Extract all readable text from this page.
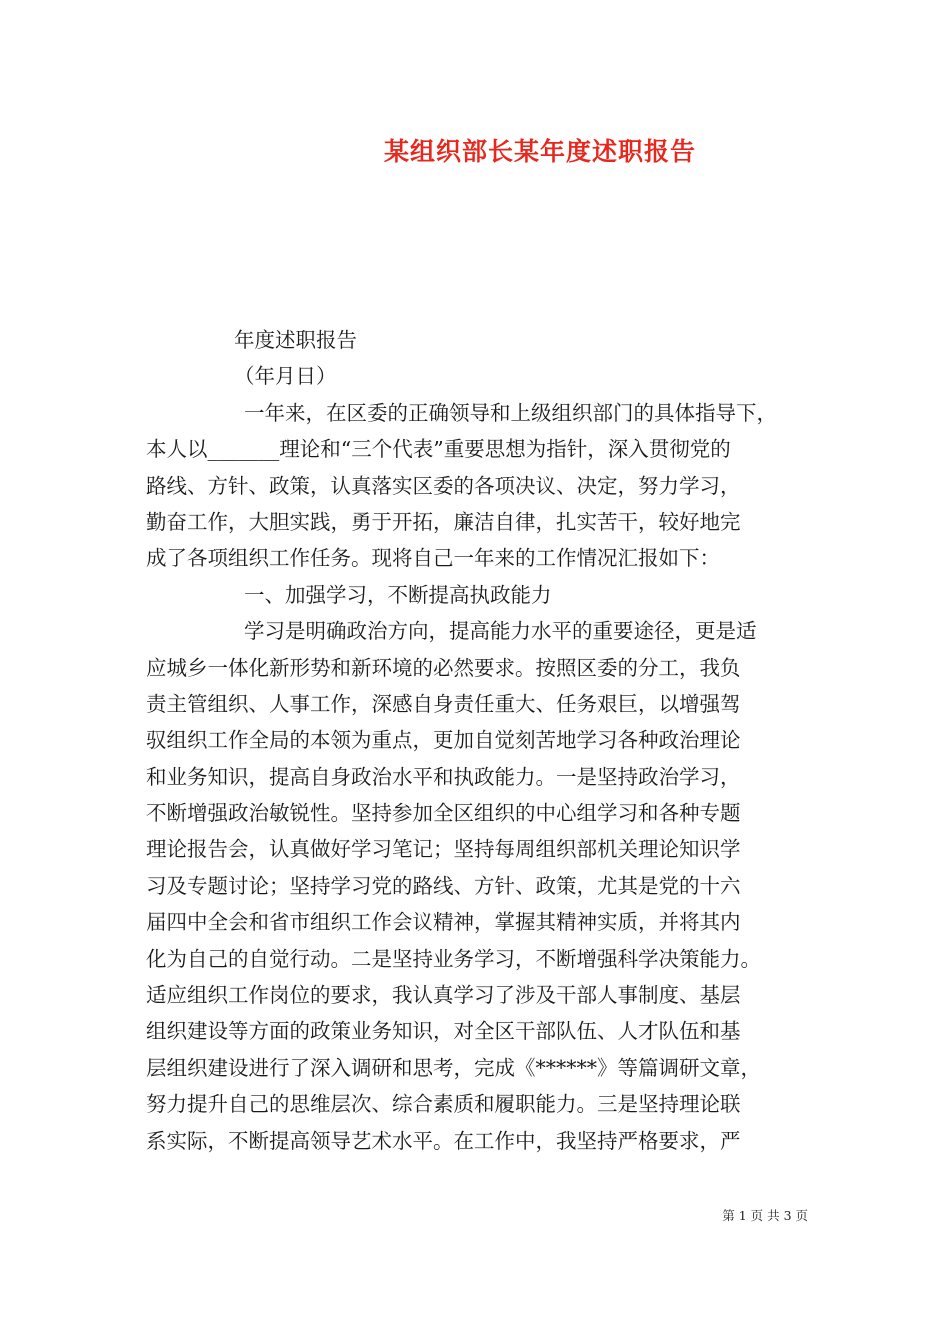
某组织部长某年度述职报告
年度述职报告
（年月日）
一年来，在区委的正确领导和上级组织部门的具体指导下，
本人以_______理论和“三个代表”重要思想为指针，深入贯彻党的
路线、方针、政策，认真落实区委的各项决议、决定，努力学习，
勤奋工作，大胆实践，勇于开拓，廉洁自律，扎实苦干，较好地完
成了各项组织工作任务。现将自己一年来的工作情况汇报如下：
一、加强学习，不断提高执政能力
学习是明确政治方向，提高能力水平的重要途径，更是适
应城乡一体化新形势和新环境的必然要求。按照区委的分工，我负
责主管组织、人事工作，深感自身责任重大、任务艰巨，以增强驾
驭组织工作全局的本领为重点，更加自觉刻苦地学习各种政治理论
和业务知识，提高自身政治水平和执政能力。一是坚持政治学习，
不断增强政治敏锐性。坚持参加全区组织的中心组学习和各种专题
理论报告会，认真做好学习笔记；坚持每周组织部机关理论知识学
习及专题讨论；坚持学习党的路线、方针、政策，尤其是党的十六
届四中全会和省市组织工作会议精神，掌握其精神实质，并将其内
化为自己的自觉行动。二是坚持业务学习，不断增强科学决策能力。
适应组织工作岗位的要求，我认真学习了涉及干部人事制度、基层
组织建设等方面的政策业务知识，对全区干部队伍、人才队伍和基
层组织建设进行了深入调研和思考，完成《******》等篇调研文章，
努力提升自己的思维层次、综合素质和履职能力。三是坚持理论联
系实际，不断提高领导艺术水平。在工作中，我坚持严格要求，严
第 1 页 共 3 页
